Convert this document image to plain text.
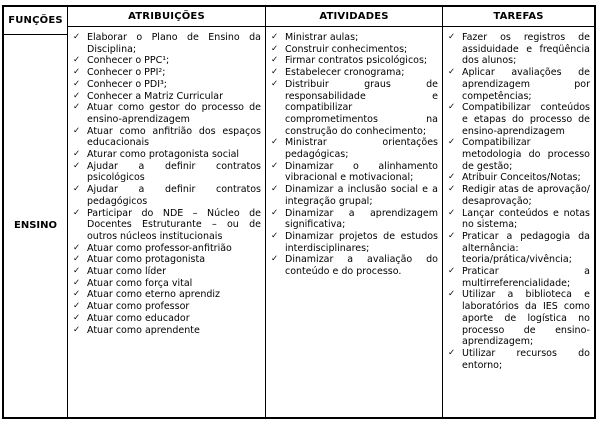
FUNÇÕES
ENSINO
ATRIBUIÇÕES
✓ Elaborar o Plano de Ensino da Disciplina;
✓ Conhecer o PPC¹;
✓ Conhecer o PPI²;
✓ Conhecer o PDI³;
✓ Conhecer a Matriz Curricular
✓ Atuar como gestor do processo de ensino-aprendizagem
✓ Atuar como anfitrião dos espaços educacionais
✓ Aturar como protagonista social
✓ Ajudar a definir contratos psicológicos
✓ Ajudar a definir contratos pedagógicos
✓ Participar do NDE – Núcleo de Docentes Estruturante – ou de outros núcleos institucionais
✓ Atuar como professor-anfitrião
✓ Atuar como protagonista
✓ Atuar como líder
✓ Atuar como força vital
✓ Atuar como eterno aprendiz
✓ Atuar como professor
✓ Atuar como educador
✓ Atuar como aprendente
ATIVIDADES
✓ Ministrar aulas;
✓ Construir conhecimentos;
✓ Firmar contratos psicológicos;
✓ Estabelecer cronograma;
✓ Distribuir graus de responsabilidade e compatibilizar comprometimentos na construção do conhecimento;
✓ Ministrar orientações pedagógicas;
✓ Dinamizar o alinhamento vibracional e motivacional;
✓ Dinamizar a inclusão social e a integração grupal;
✓ Dinamizar a aprendizagem significativa;
✓ Dinamizar projetos de estudos interdisciplinares;
✓ Dinamizar a avaliação do conteúdo e do processo.
TAREFAS
✓ Fazer os registros de assiduidade e freqüência dos alunos;
✓ Aplicar avaliações de aprendizagem por competências;
✓ Compatibilizar conteúdos e etapas do processo de ensino-aprendizagem
✓ Compatibilizar metodologia do processo de gestão;
✓ Atribuir Conceitos/Notas;
✓ Redigir atas de aprovação/ desaprovação;
✓ Lançar conteúdos e notas no sistema;
✓ Praticar a pedagogia da alternância: teoria/prática/vivência;
✓ Praticar a multirreferencialidade;
✓ Utilizar a biblioteca e laboratórios da IES como aporte de logística no processo de ensino-aprendizagem;
✓ Utilizar recursos do entorno;
